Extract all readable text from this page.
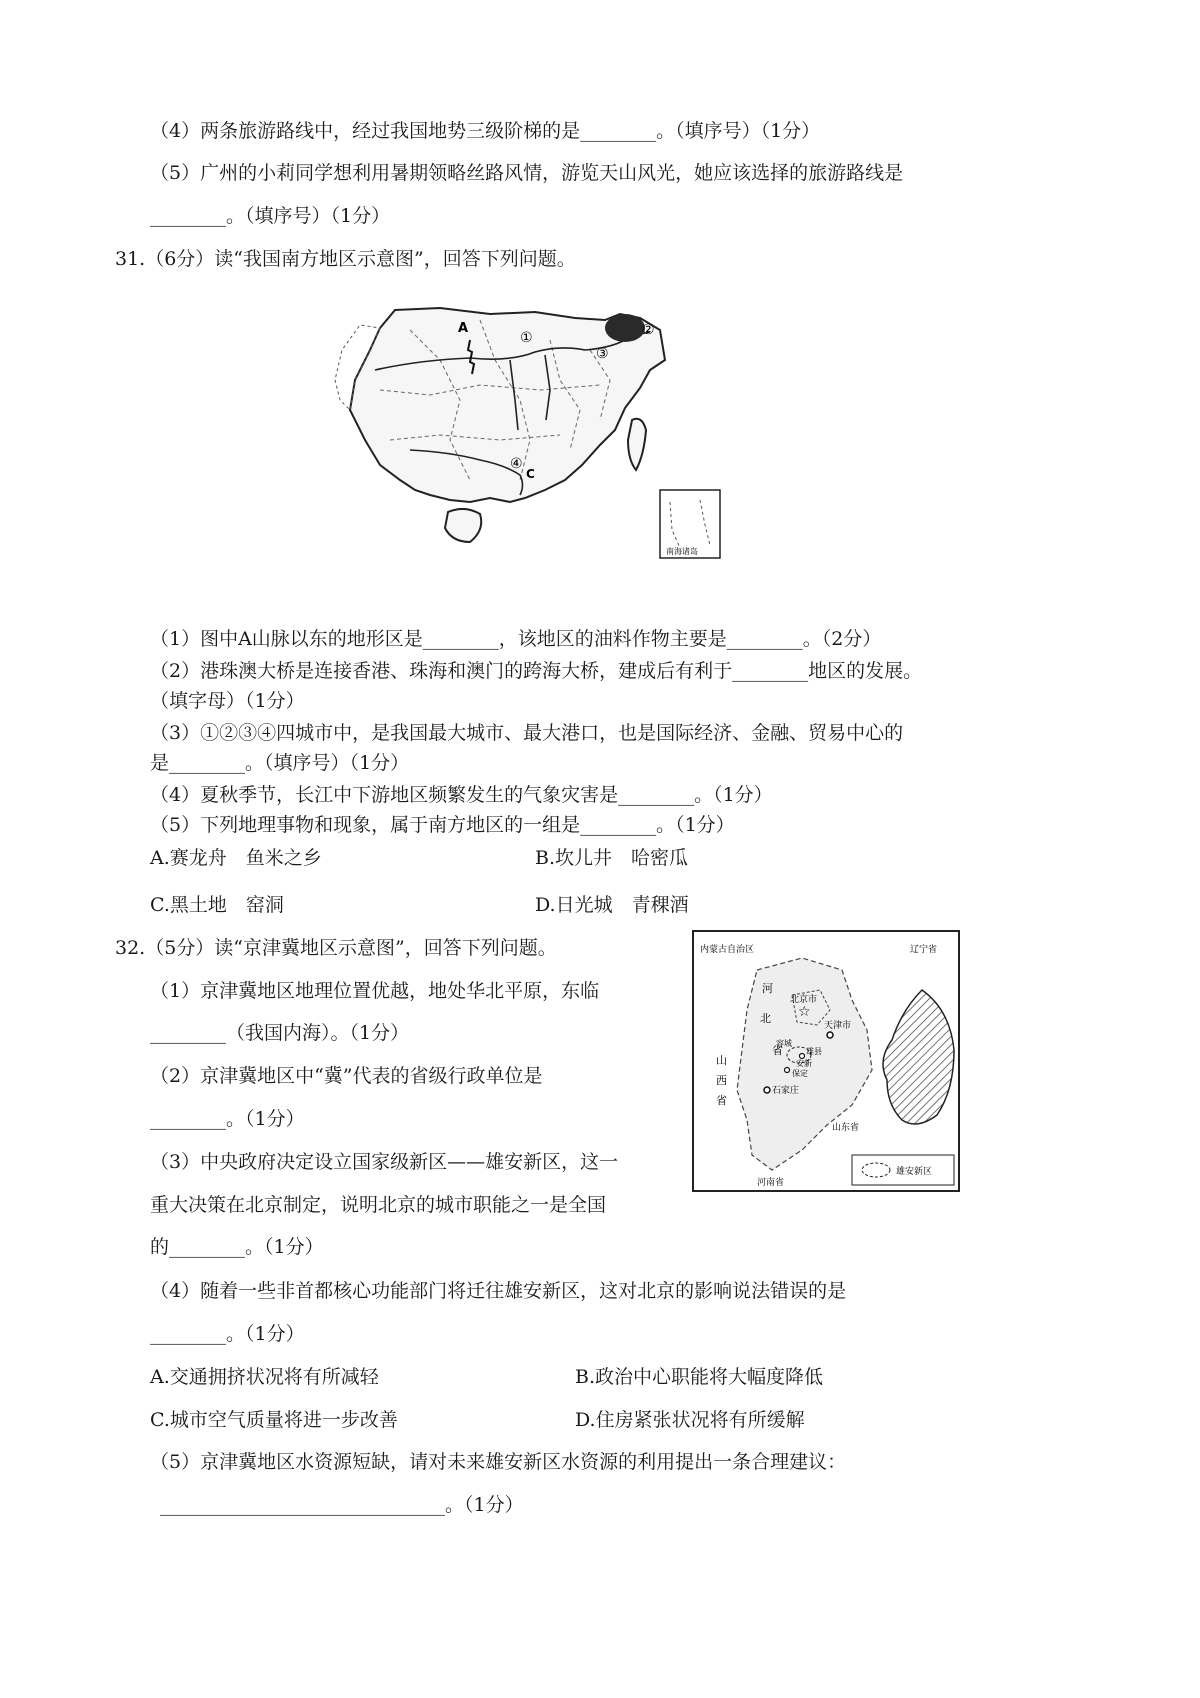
（4）两条旅游路线中，经过我国地势三级阶梯的是________。（填序号）（1分）
（5）广州的小莉同学想利用暑期领略丝路风情，游览天山风光，她应该选择的旅游路线是
________。（填序号）（1分）
31.（6分）读“我国南方地区示意图”，回答下列问题。
A
①	②
③
④
C
南海诸岛
（1）图中A山脉以东的地形区是________，该地区的油料作物主要是________。（2分）
（2）港珠澳大桥是连接香港、珠海和澳门的跨海大桥，建成后有利于________地区的发展。
（填字母）（1分）
（3）①②③④四城市中，是我国最大城市、最大港口，也是国际经济、金融、贸易中心的
是________。（填序号）（1分）
（4）夏秋季节，长江中下游地区频繁发生的气象灾害是________。（1分）
（5）下列地理事物和现象，属于南方地区的一组是________。（1分）
A.赛龙舟　鱼米之乡	B.坎儿井　哈密瓜
C.黑土地　窑洞	D.日光城　青稞酒
32.（5分）读“京津冀地区示意图”，回答下列问题。
☆
内蒙古自治区	辽宁省
河
北
省
北京市
天津市
山
西
省
容城
雄县
安新
保定
石家庄
山东省
河南省
雄安新区
（1）京津冀地区地理位置优越，地处华北平原，东临
________（我国内海）。（1分）
（2）京津冀地区中“冀”代表的省级行政单位是
________。（1分）
（3）中央政府决定设立国家级新区——雄安新区，这一
重大决策在北京制定，说明北京的城市职能之一是全国
的________。（1分）
（4）随着一些非首都核心功能部门将迁往雄安新区，这对北京的影响说法错误的是
________。（1分）
A.交通拥挤状况将有所减轻	B.政治中心职能将大幅度降低
C.城市空气质量将进一步改善	D.住房紧张状况将有所缓解
（5）京津冀地区水资源短缺，请对未来雄安新区水资源的利用提出一条合理建议：
______________________________。（1分）
